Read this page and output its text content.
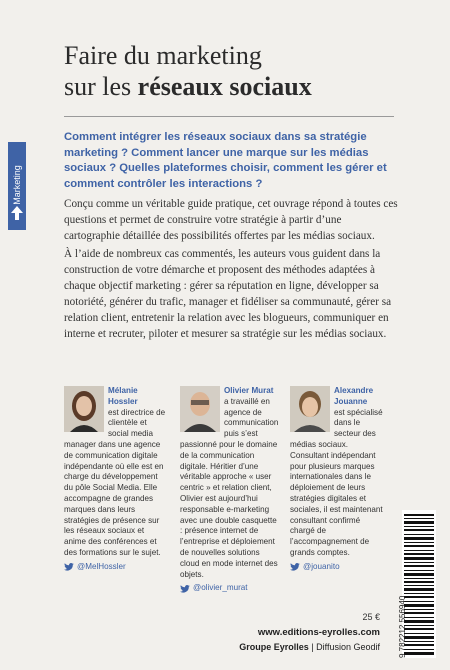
Marketing
Faire du marketing
sur les réseaux sociaux
Comment intégrer les réseaux sociaux dans sa stratégie marketing ? Comment lancer une marque sur les médias sociaux ? Quelles plateformes choisir, comment les gérer et comment contrôler les interactions ?
Conçu comme un véritable guide pratique, cet ouvrage répond à toutes ces questions et permet de construire votre stratégie à partir d’une cartographie détaillée des possibilités offertes par les médias sociaux.
À l’aide de nombreux cas commentés, les auteurs vous guident dans la construction de votre démarche et proposent des méthodes adaptées à chaque objectif marketing : gérer sa réputation en ligne, développer sa notoriété, générer du trafic, manager et fidéliser sa communauté, gérer sa relation client, entretenir la relation avec les blogueurs, communiquer en interne et recruter, piloter et mesurer sa stratégie sur les médias sociaux.
Mélanie Hossler
est directrice de clientèle et social media manager dans une agence de communication digitale indépendante où elle est en charge du développement du pôle Social Media. Elle accompagne de grandes marques dans leurs stratégies de présence sur les réseaux sociaux et anime des conférences et des formations sur le sujet.
@MelHossler
Olivier Murat
a travaillé en agence de communication puis s’est passionné pour le domaine de la communication digitale. Héritier d’une véritable approche « user centric » et relation client, Olivier est aujourd’hui responsable e-marketing avec une double casquette : présence internet de l’entreprise et déploiement de nouvelles solutions cloud en mode internet des objets.
@olivier_murat
Alexandre Jouanne
est spécialisé dans le secteur des médias sociaux. Consultant indépendant pour plusieurs marques internationales dans le déploiement de leurs stratégies digitales et sociales, il est maintenant consultant confirmé chargé de l’accompagnement de grands comptes.
@jouanito
25 €
www.editions-eyrolles.com
Groupe Eyrolles | Diffusion Geodif 9 782212 556940
